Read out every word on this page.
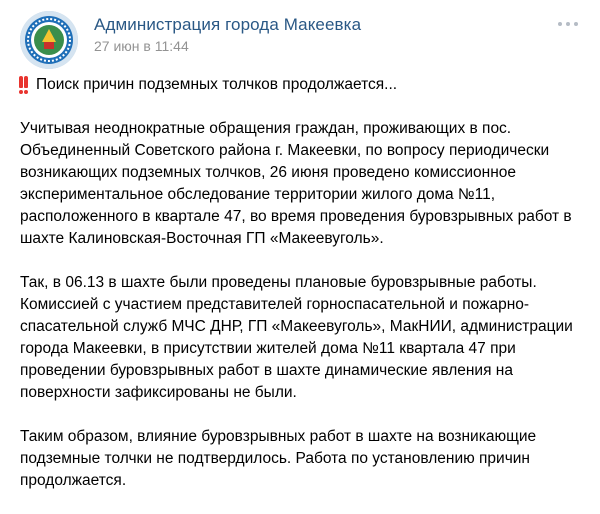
Администрация города Макеевка
27 июн в 11:44
Поиск причин подземных толчков продолжается...

Учитывая неоднократные обращения граждан, проживающих в пос.
Объединенный Советского района г. Макеевки, по вопросу периодически
возникающих подземных толчков, 26 июня проведено комиссионное
экспериментальное обследование территории жилого дома №11,
расположенного в квартале 47, во время проведения буровзрывных работ в
шахте Калиновская-Восточная ГП «Макеевуголь».

Так, в 06.13 в шахте были проведены плановые буровзрывные работы.
Комиссией с участием представителей горноспасательной и пожарно-
спасательной служб МЧС ДНР, ГП «Макеевуголь», МакНИИ, администрации
города Макеевки, в присутствии жителей дома №11 квартала 47 при
проведении буровзрывных работ в шахте динамические явления на
поверхности зафиксированы не были.

Таким образом, влияние буровзрывных работ в шахте на возникающие
подземные толчки не подтвердилось. Работа по установлению причин
продолжается.
